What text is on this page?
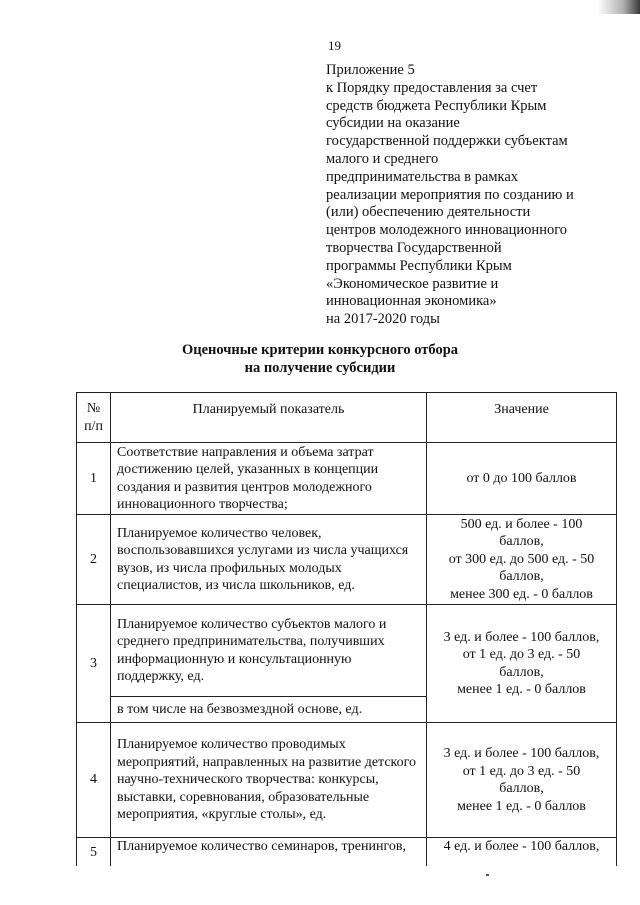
19
Приложение 5
к Порядку предоставления за счет
средств бюджета Республики Крым
субсидии на оказание
государственной поддержки субъектам
малого и среднего
предпринимательства в рамках
реализации мероприятия по созданию и
(или) обеспечению деятельности
центров молодежного инновационного
творчества Государственной
программы Республики Крым
«Экономическое развитие и
инновационная экономика»
на 2017-2020 годы
Оценочные критерии конкурсного отбора
на получение субсидии
№
п/п	Планируемый показатель	Значение
1	Соответствие направления и объема затрат
достижению целей, указанных в концепции
создания и развития центров молодежного
инновационного творчества;	от 0 до 100 баллов

2	Планируемое количество человек,
воспользовавшихся услугами из числа учащихся
вузов, из числа профильных молодых
специалистов, из числа школьников, ед.	500 ед. и более - 100
баллов,
от 300 ед. до 500 ед. - 50
баллов,
менее 300 ед. - 0 баллов

3	Планируемое количество субъектов малого и
среднего предпринимательства, получивших
информационную и консультационную
поддержку, ед.	3 ед. и более - 100 баллов,
от 1 ед. до 3 ед. - 50
баллов,
менее 1 ед. - 0 баллов

	в том числе на безвозмездной основе, ед.	
4	Планируемое количество проводимых
мероприятий, направленных на развитие детского
научно-технического творчества: конкурсы,
выставки, соревнования, образовательные
мероприятия, «круглые столы», ед.	3 ед. и более - 100 баллов,
от 1 ед. до 3 ед. - 50
баллов,
менее 1 ед. - 0 баллов

5	Планируемое количество семинаров, тренингов,	4 ед. и более - 100 баллов,
